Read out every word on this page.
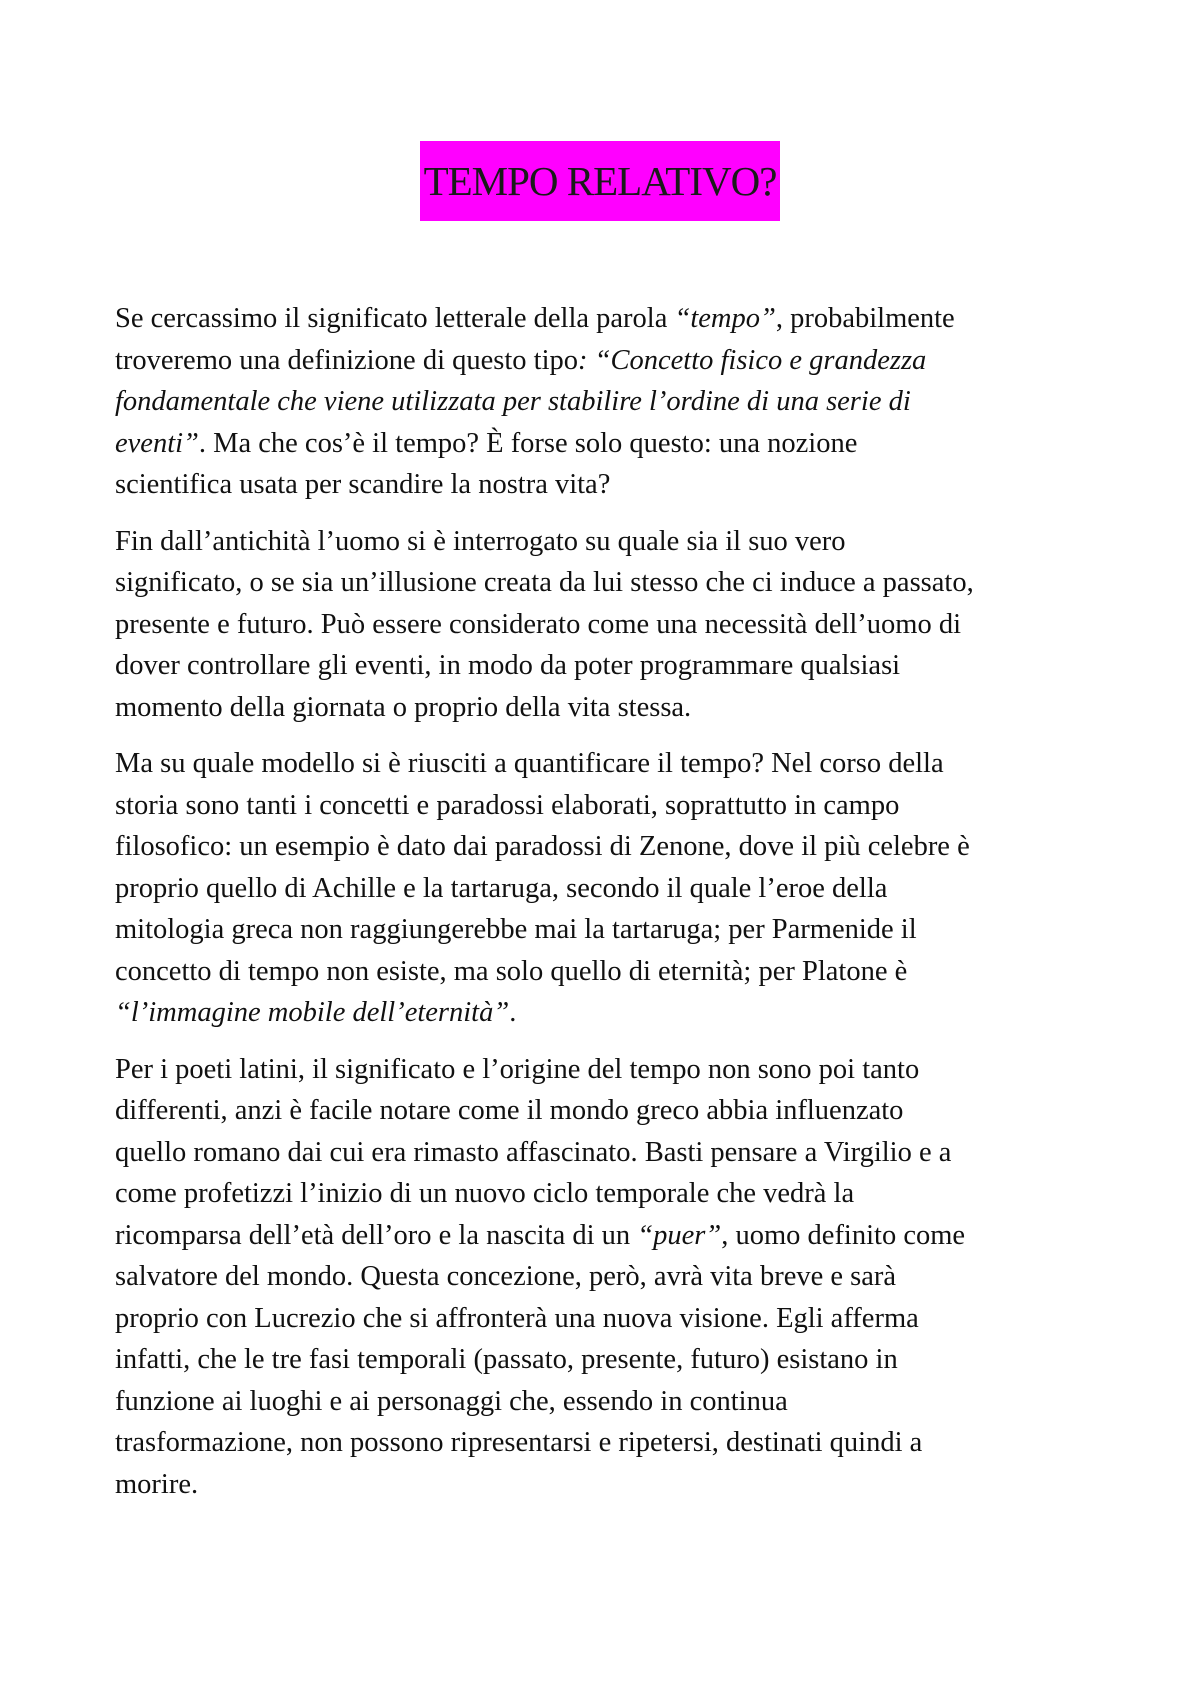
TEMPO RELATIVO?
Se cercassimo il significato letterale della parola “tempo”, probabilmente
troveremo una definizione di questo tipo: “Concetto fisico e grandezza
fondamentale che viene utilizzata per stabilire l’ordine di una serie di
eventi”. Ma che cos’è il tempo? È forse solo questo: una nozione
scientifica usata per scandire la nostra vita?
Fin dall’antichità l’uomo si è interrogato su quale sia il suo vero
significato, o se sia un’illusione creata da lui stesso che ci induce a passato,
presente e futuro. Può essere considerato come una necessità dell’uomo di
dover controllare gli eventi, in modo da poter programmare qualsiasi
momento della giornata o proprio della vita stessa.
Ma su quale modello si è riusciti a quantificare il tempo? Nel corso della
storia sono tanti i concetti e paradossi elaborati, soprattutto in campo
filosofico: un esempio è dato dai paradossi di Zenone, dove il più celebre è
proprio quello di Achille e la tartaruga, secondo il quale l’eroe della
mitologia greca non raggiungerebbe mai la tartaruga; per Parmenide il
concetto di tempo non esiste, ma solo quello di eternità; per Platone è
“l’immagine mobile dell’eternità”.
Per i poeti latini, il significato e l’origine del tempo non sono poi tanto
differenti, anzi è facile notare come il mondo greco abbia influenzato
quello romano dai cui era rimasto affascinato. Basti pensare a Virgilio e a
come profetizzi l’inizio di un nuovo ciclo temporale che vedrà la
ricomparsa dell’età dell’oro e la nascita di un “puer”, uomo definito come
salvatore del mondo. Questa concezione, però, avrà vita breve e sarà
proprio con Lucrezio che si affronterà una nuova visione. Egli afferma
infatti, che le tre fasi temporali (passato, presente, futuro) esistano in
funzione ai luoghi e ai personaggi che, essendo in continua
trasformazione, non possono ripresentarsi e ripetersi, destinati quindi a
morire.
